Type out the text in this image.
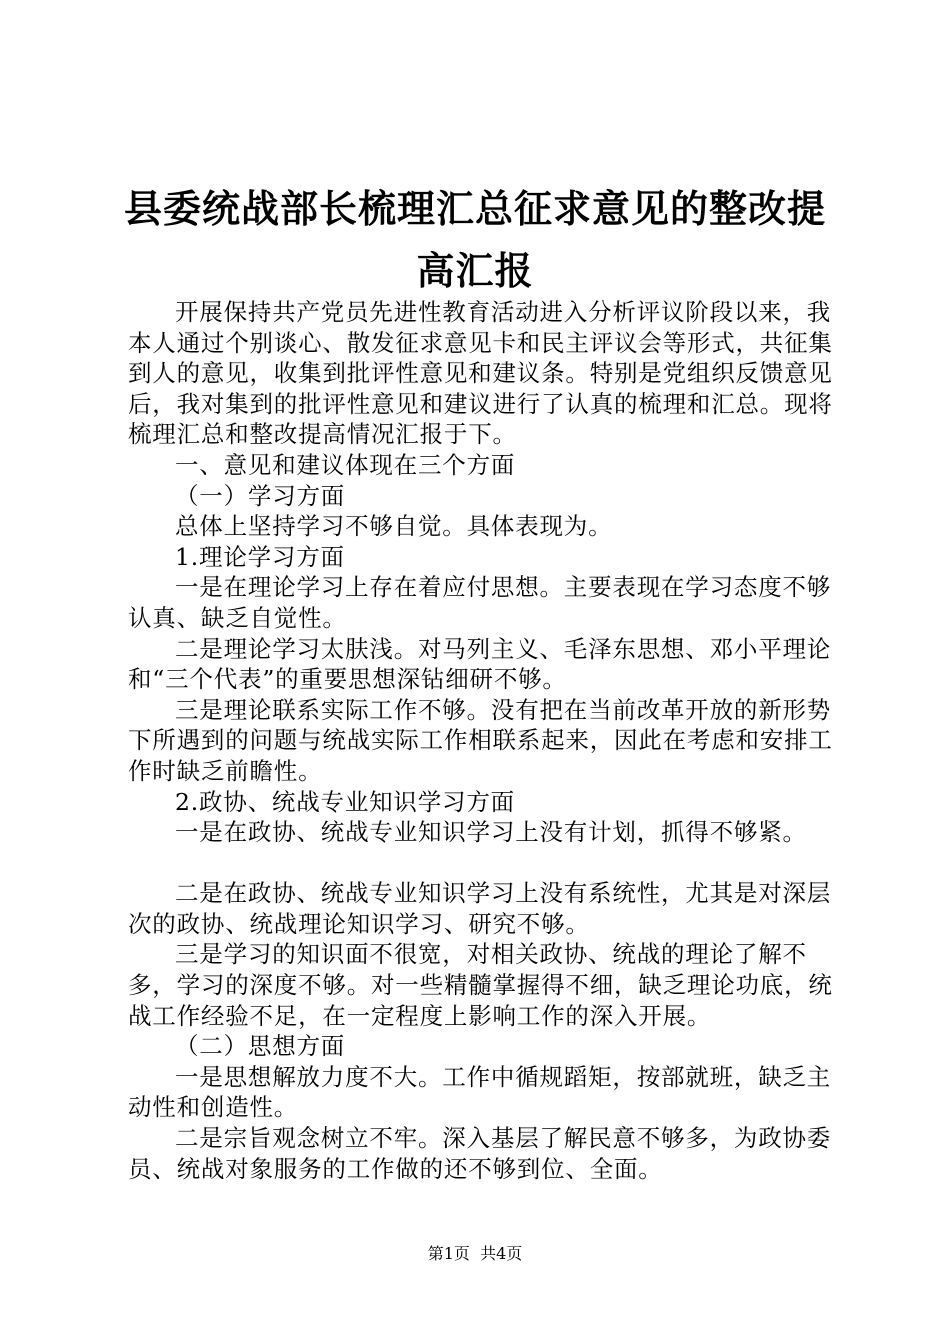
县委统战部长梳理汇总征求意见的整改提高汇报

开展保持共产党员先进性教育活动进入分析评议阶段以来，我本人通过个别谈心、散发征求意见卡和民主评议会等形式，共征集到人的意见，收集到批评性意见和建议条。特别是党组织反馈意见后，我对集到的批评性意见和建议进行了认真的梳理和汇总。现将梳理汇总和整改提高情况汇报于下。

一、意见和建议体现在三个方面

（一）学习方面

总体上坚持学习不够自觉。具体表现为。

1.理论学习方面

一是在理论学习上存在着应付思想。主要表现在学习态度不够认真、缺乏自觉性。

二是理论学习太肤浅。对马列主义、毛泽东思想、邓小平理论和“三个代表”的重要思想深钻细研不够。

三是理论联系实际工作不够。没有把在当前改革开放的新形势下所遇到的问题与统战实际工作相联系起来，因此在考虑和安排工作时缺乏前瞻性。

2.政协、统战专业知识学习方面

一是在政协、统战专业知识学习上没有计划，抓得不够紧。

二是在政协、统战专业知识学习上没有系统性，尤其是对深层次的政协、统战理论知识学习、研究不够。

三是学习的知识面不很宽，对相关政协、统战的理论了解不多，学习的深度不够。对一些精髓掌握得不细，缺乏理论功底，统战工作经验不足，在一定程度上影响工作的深入开展。

（二）思想方面

一是思想解放力度不大。工作中循规蹈矩，按部就班，缺乏主动性和创造性。

二是宗旨观念树立不牢。深入基层了解民意不够多，为政协委员、统战对象服务的工作做的还不够到位、全面。

第1页  共4页
